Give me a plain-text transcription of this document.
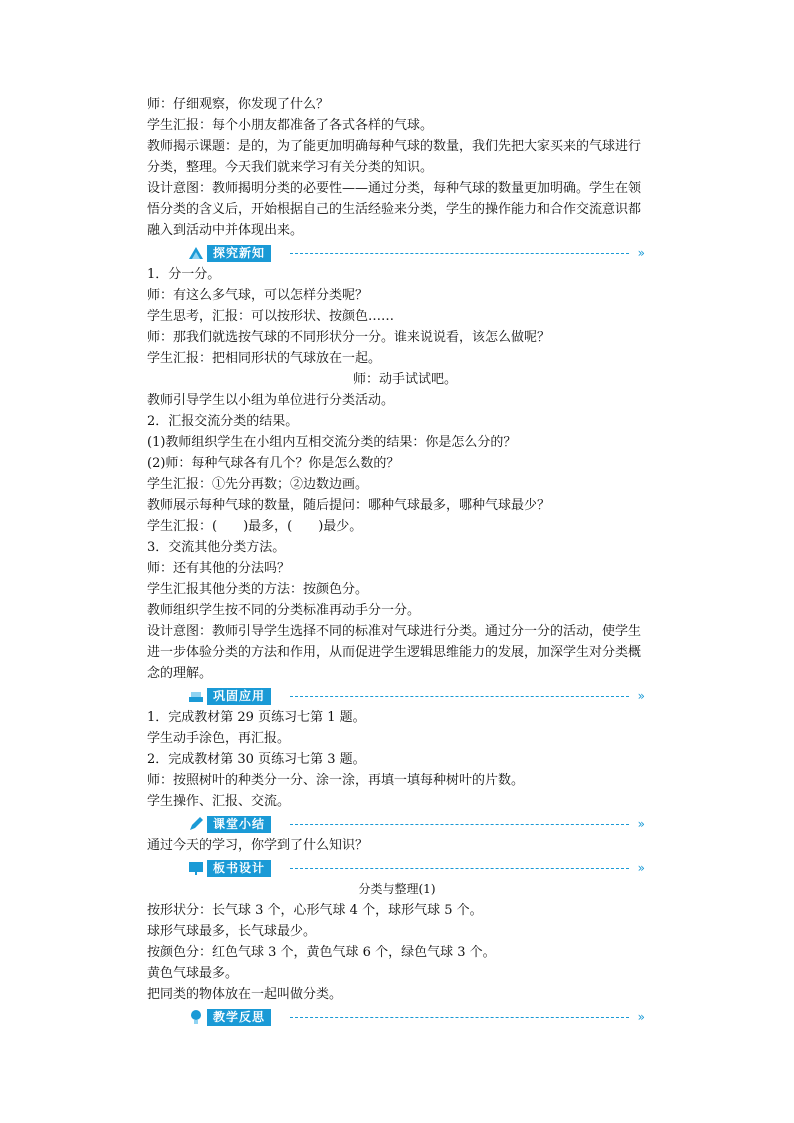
师：仔细观察，你发现了什么？
学生汇报：每个小朋友都准备了各式各样的气球。
教师揭示课题：是的，为了能更加明确每种气球的数量，我们先把大家买来的气球进行分类，整理。今天我们就来学习有关分类的知识。
设计意图：教师揭明分类的必要性——通过分类，每种气球的数量更加明确。学生在领悟分类的含义后，开始根据自己的生活经验来分类，学生的操作能力和合作交流意识都融入到活动中并体现出来。
探究新知	»
1．分一分。
师：有这么多气球，可以怎样分类呢？
学生思考，汇报：可以按形状、按颜色……
师：那我们就选按气球的不同形状分一分。谁来说说看，该怎么做呢？
学生汇报：把相同形状的气球放在一起。
师：动手试试吧。
教师引导学生以小组为单位进行分类活动。
2．汇报交流分类的结果。
(1)教师组织学生在小组内互相交流分类的结果：你是怎么分的？
(2)师：每种气球各有几个？你是怎么数的？
学生汇报：①先分再数；②边数边画。
教师展示每种气球的数量，随后提问：哪种气球最多，哪种气球最少？
学生汇报：(　　)最多，(　　)最少。
3．交流其他分类方法。
师：还有其他的分法吗？
学生汇报其他分类的方法：按颜色分。
教师组织学生按不同的分类标准再动手分一分。
设计意图：教师引导学生选择不同的标准对气球进行分类。通过分一分的活动，使学生进一步体验分类的方法和作用，从而促进学生逻辑思维能力的发展，加深学生对分类概念的理解。
巩固应用	»
1．完成教材第 29 页练习七第 1 题。
学生动手涂色，再汇报。
2．完成教材第 30 页练习七第 3 题。
师：按照树叶的种类分一分、涂一涂，再填一填每种树叶的片数。
学生操作、汇报、交流。
课堂小结	»
通过今天的学习，你学到了什么知识？
板书设计	»
分类与整理(1)
按形状分：长气球 3 个，心形气球 4 个，球形气球 5 个。
球形气球最多，长气球最少。
按颜色分：红色气球 3 个，黄色气球 6 个，绿色气球 3 个。
黄色气球最多。
把同类的物体放在一起叫做分类。
教学反思	»
